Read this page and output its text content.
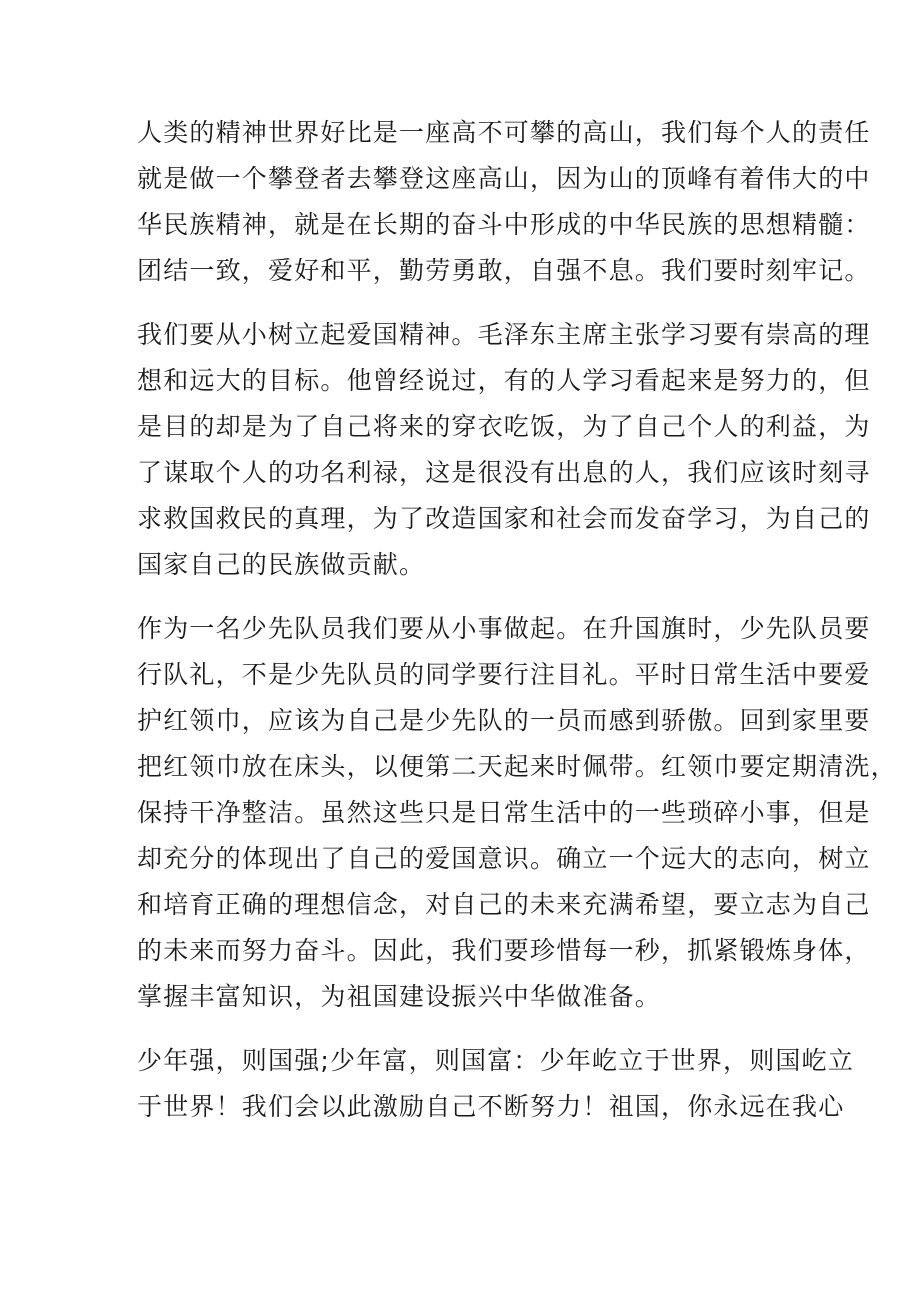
人类的精神世界好比是一座高不可攀的高山，我们每个人的责任
就是做一个攀登者去攀登这座高山，因为山的顶峰有着伟大的中
华民族精神，就是在长期的奋斗中形成的中华民族的思想精髓：
团结一致，爱好和平，勤劳勇敢，自强不息。我们要时刻牢记。

我们要从小树立起爱国精神。毛泽东主席主张学习要有崇高的理
想和远大的目标。他曾经说过，有的人学习看起来是努力的，但
是目的却是为了自己将来的穿衣吃饭，为了自己个人的利益，为
了谋取个人的功名利禄，这是很没有出息的人，我们应该时刻寻
求救国救民的真理，为了改造国家和社会而发奋学习，为自己的
国家自己的民族做贡献。

作为一名少先队员我们要从小事做起。在升国旗时，少先队员要
行队礼，不是少先队员的同学要行注目礼。平时日常生活中要爱
护红领巾，应该为自己是少先队的一员而感到骄傲。回到家里要
把红领巾放在床头，以便第二天起来时佩带。红领巾要定期清洗，
保持干净整洁。虽然这些只是日常生活中的一些琐碎小事，但是
却充分的体现出了自己的爱国意识。确立一个远大的志向，树立
和培育正确的理想信念，对自己的未来充满希望，要立志为自己
的未来而努力奋斗。因此，我们要珍惜每一秒，抓紧锻炼身体，
掌握丰富知识，为祖国建设振兴中华做准备。

少年强，则国强;少年富，则国富：少年屹立于世界，则国屹立
于世界！我们会以此激励自己不断努力！祖国，你永远在我心
